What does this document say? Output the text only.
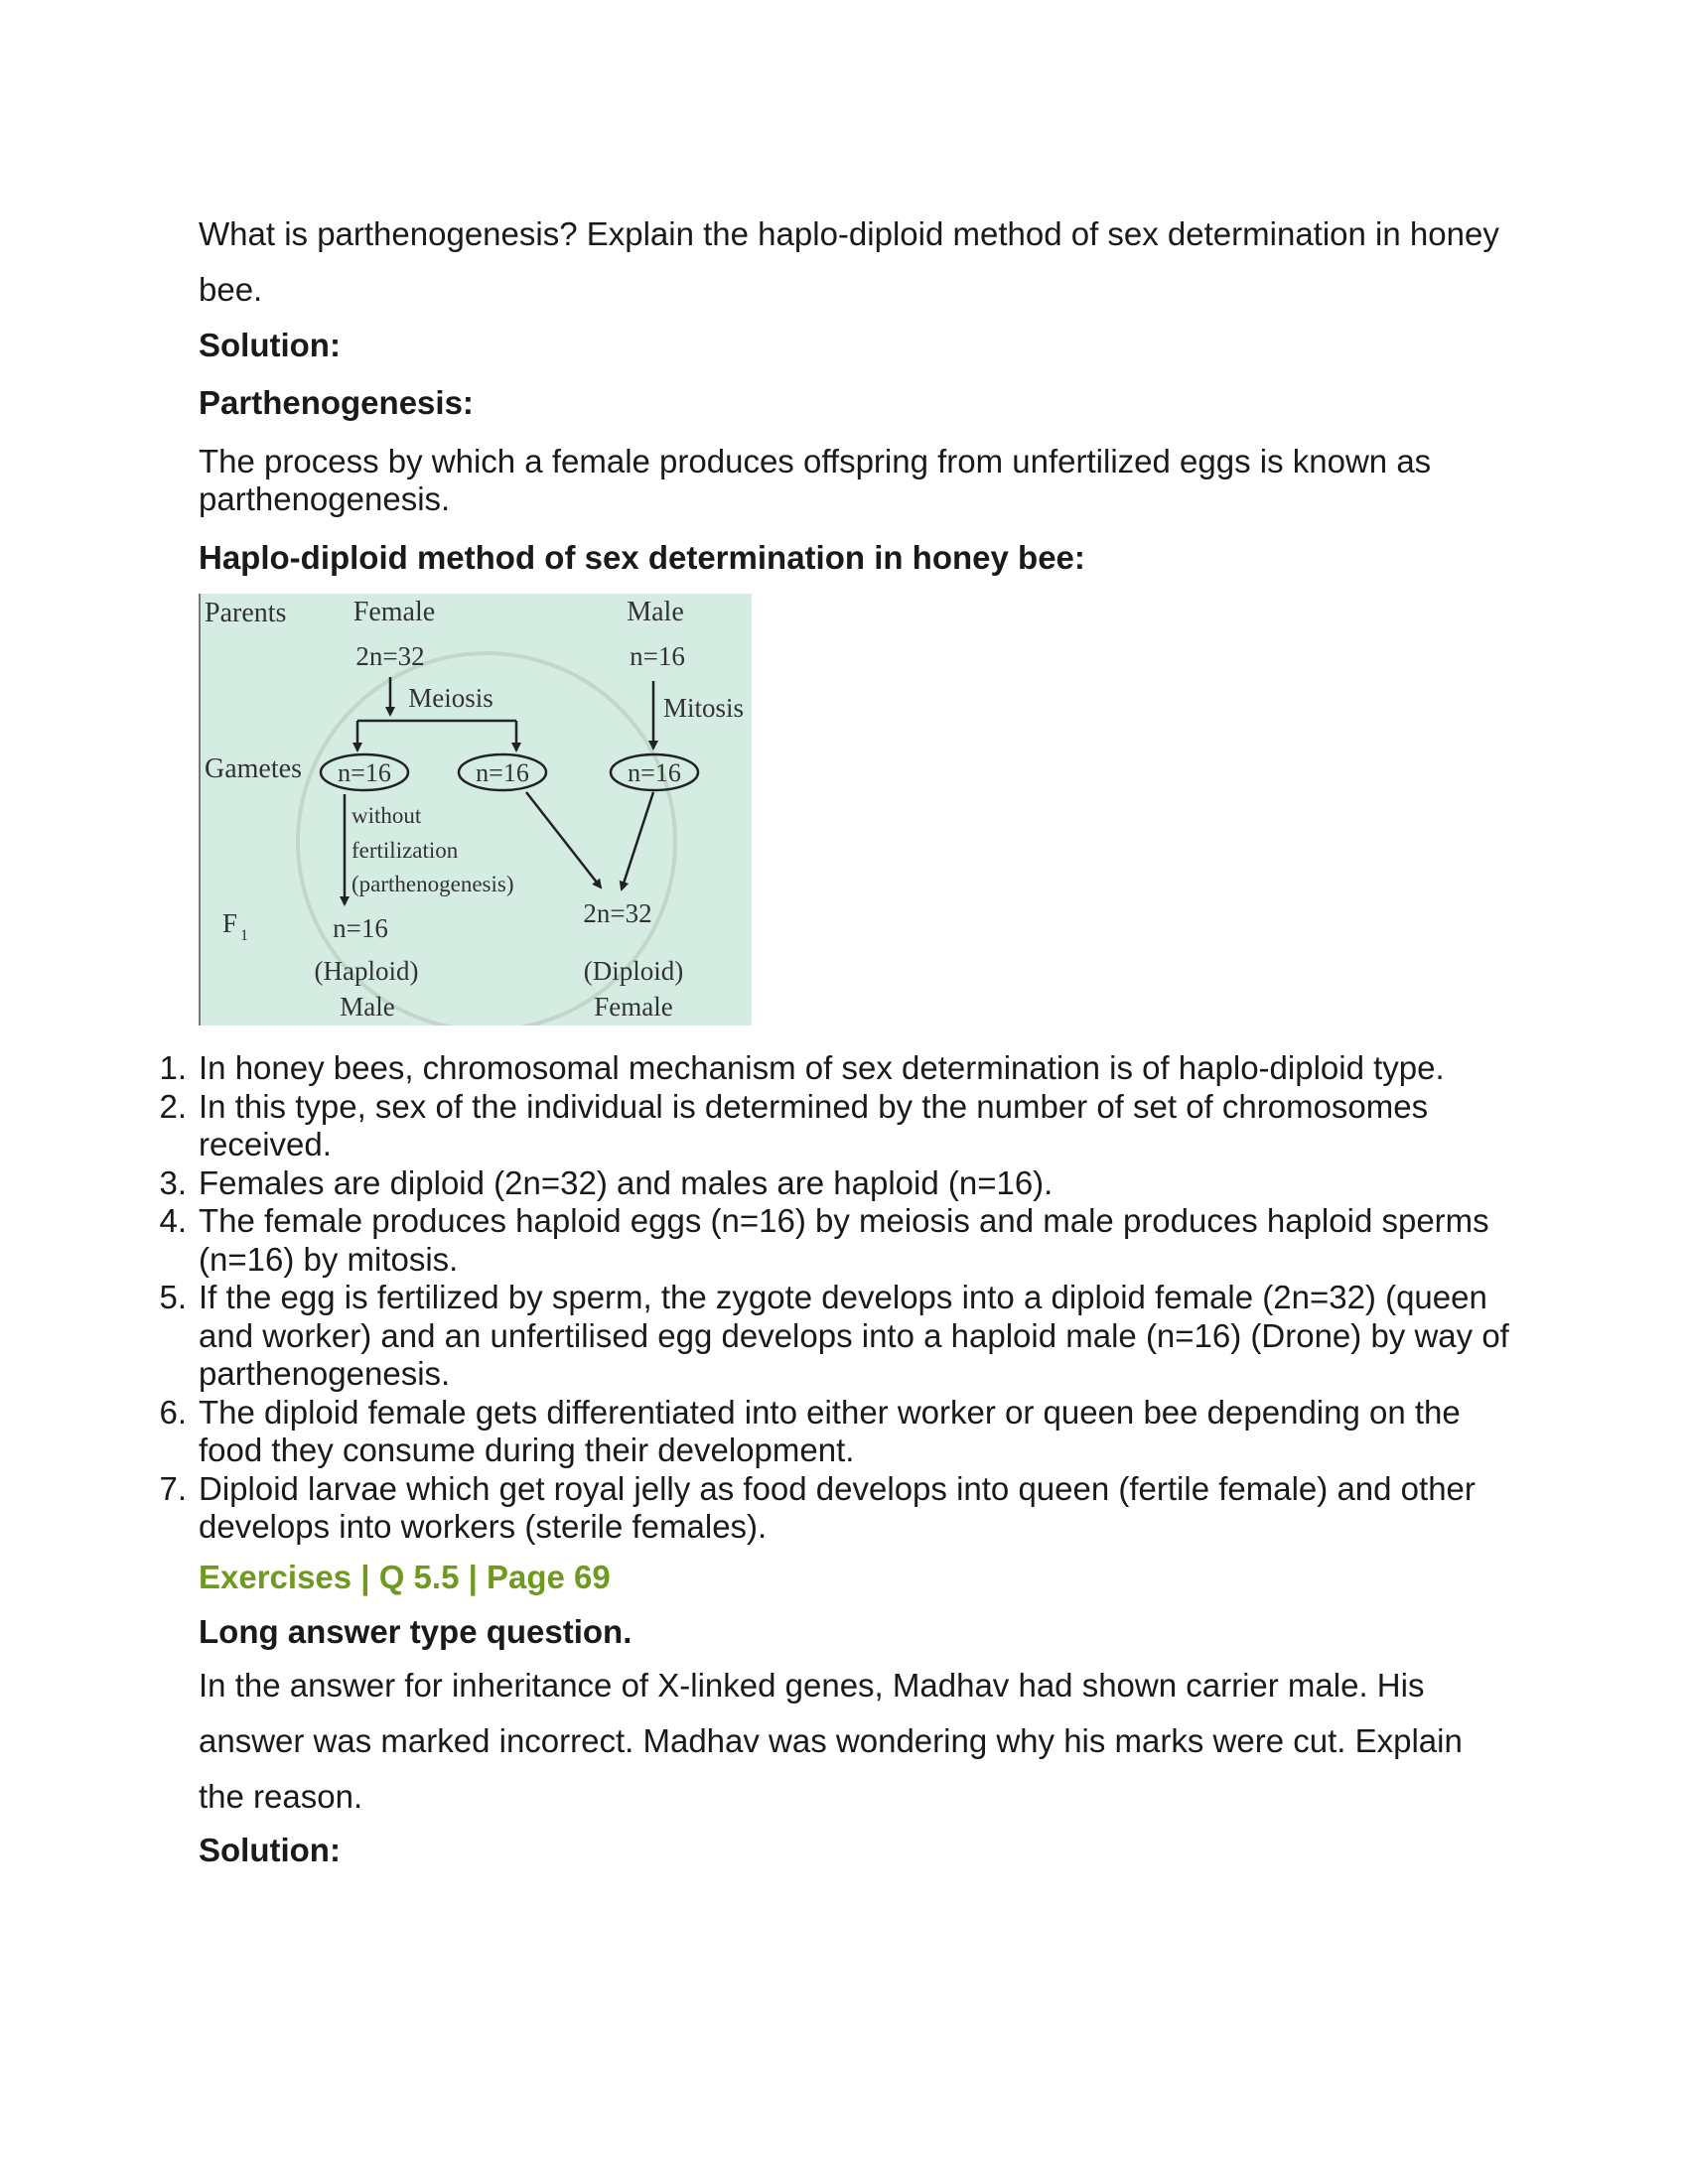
What is parthenogenesis? Explain the haplo-diploid method of sex determination in honey bee.
Solution:
Parthenogenesis:
The process by which a female produces offspring from unfertilized eggs is known as parthenogenesis.
Haplo-diploid method of sex determination in honey bee:
Parents Female	Male
2n=32	n=16
Meiosis	Mitosis
Gametes n=16	n=16	n=16
without
fertilization
(parthenogenesis)
F 1	n=16	2n=32
(Haploid)
Male
(Diploid)
Female
1. In honey bees, chromosomal mechanism of sex determination is of haplo-diploid type.
2. In this type, sex of the individual is determined by the number of set of chromosomes received.
3. Females are diploid (2n=32) and males are haploid (n=16).
4. The female produces haploid eggs (n=16) by meiosis and male produces haploid sperms (n=16) by mitosis.
5. If the egg is fertilized by sperm, the zygote develops into a diploid female (2n=32) (queen and worker) and an unfertilised egg develops into a haploid male (n=16) (Drone) by way of parthenogenesis.
6. The diploid female gets differentiated into either worker or queen bee depending on the food they consume during their development.
7. Diploid larvae which get royal jelly as food develops into queen (fertile female) and other develops into workers (sterile females).
Exercises | Q 5.5 | Page 69
Long answer type question.
In the answer for inheritance of X-linked genes, Madhav had shown carrier male. His answer was marked incorrect. Madhav was wondering why his marks were cut. Explain the reason.
Solution:
